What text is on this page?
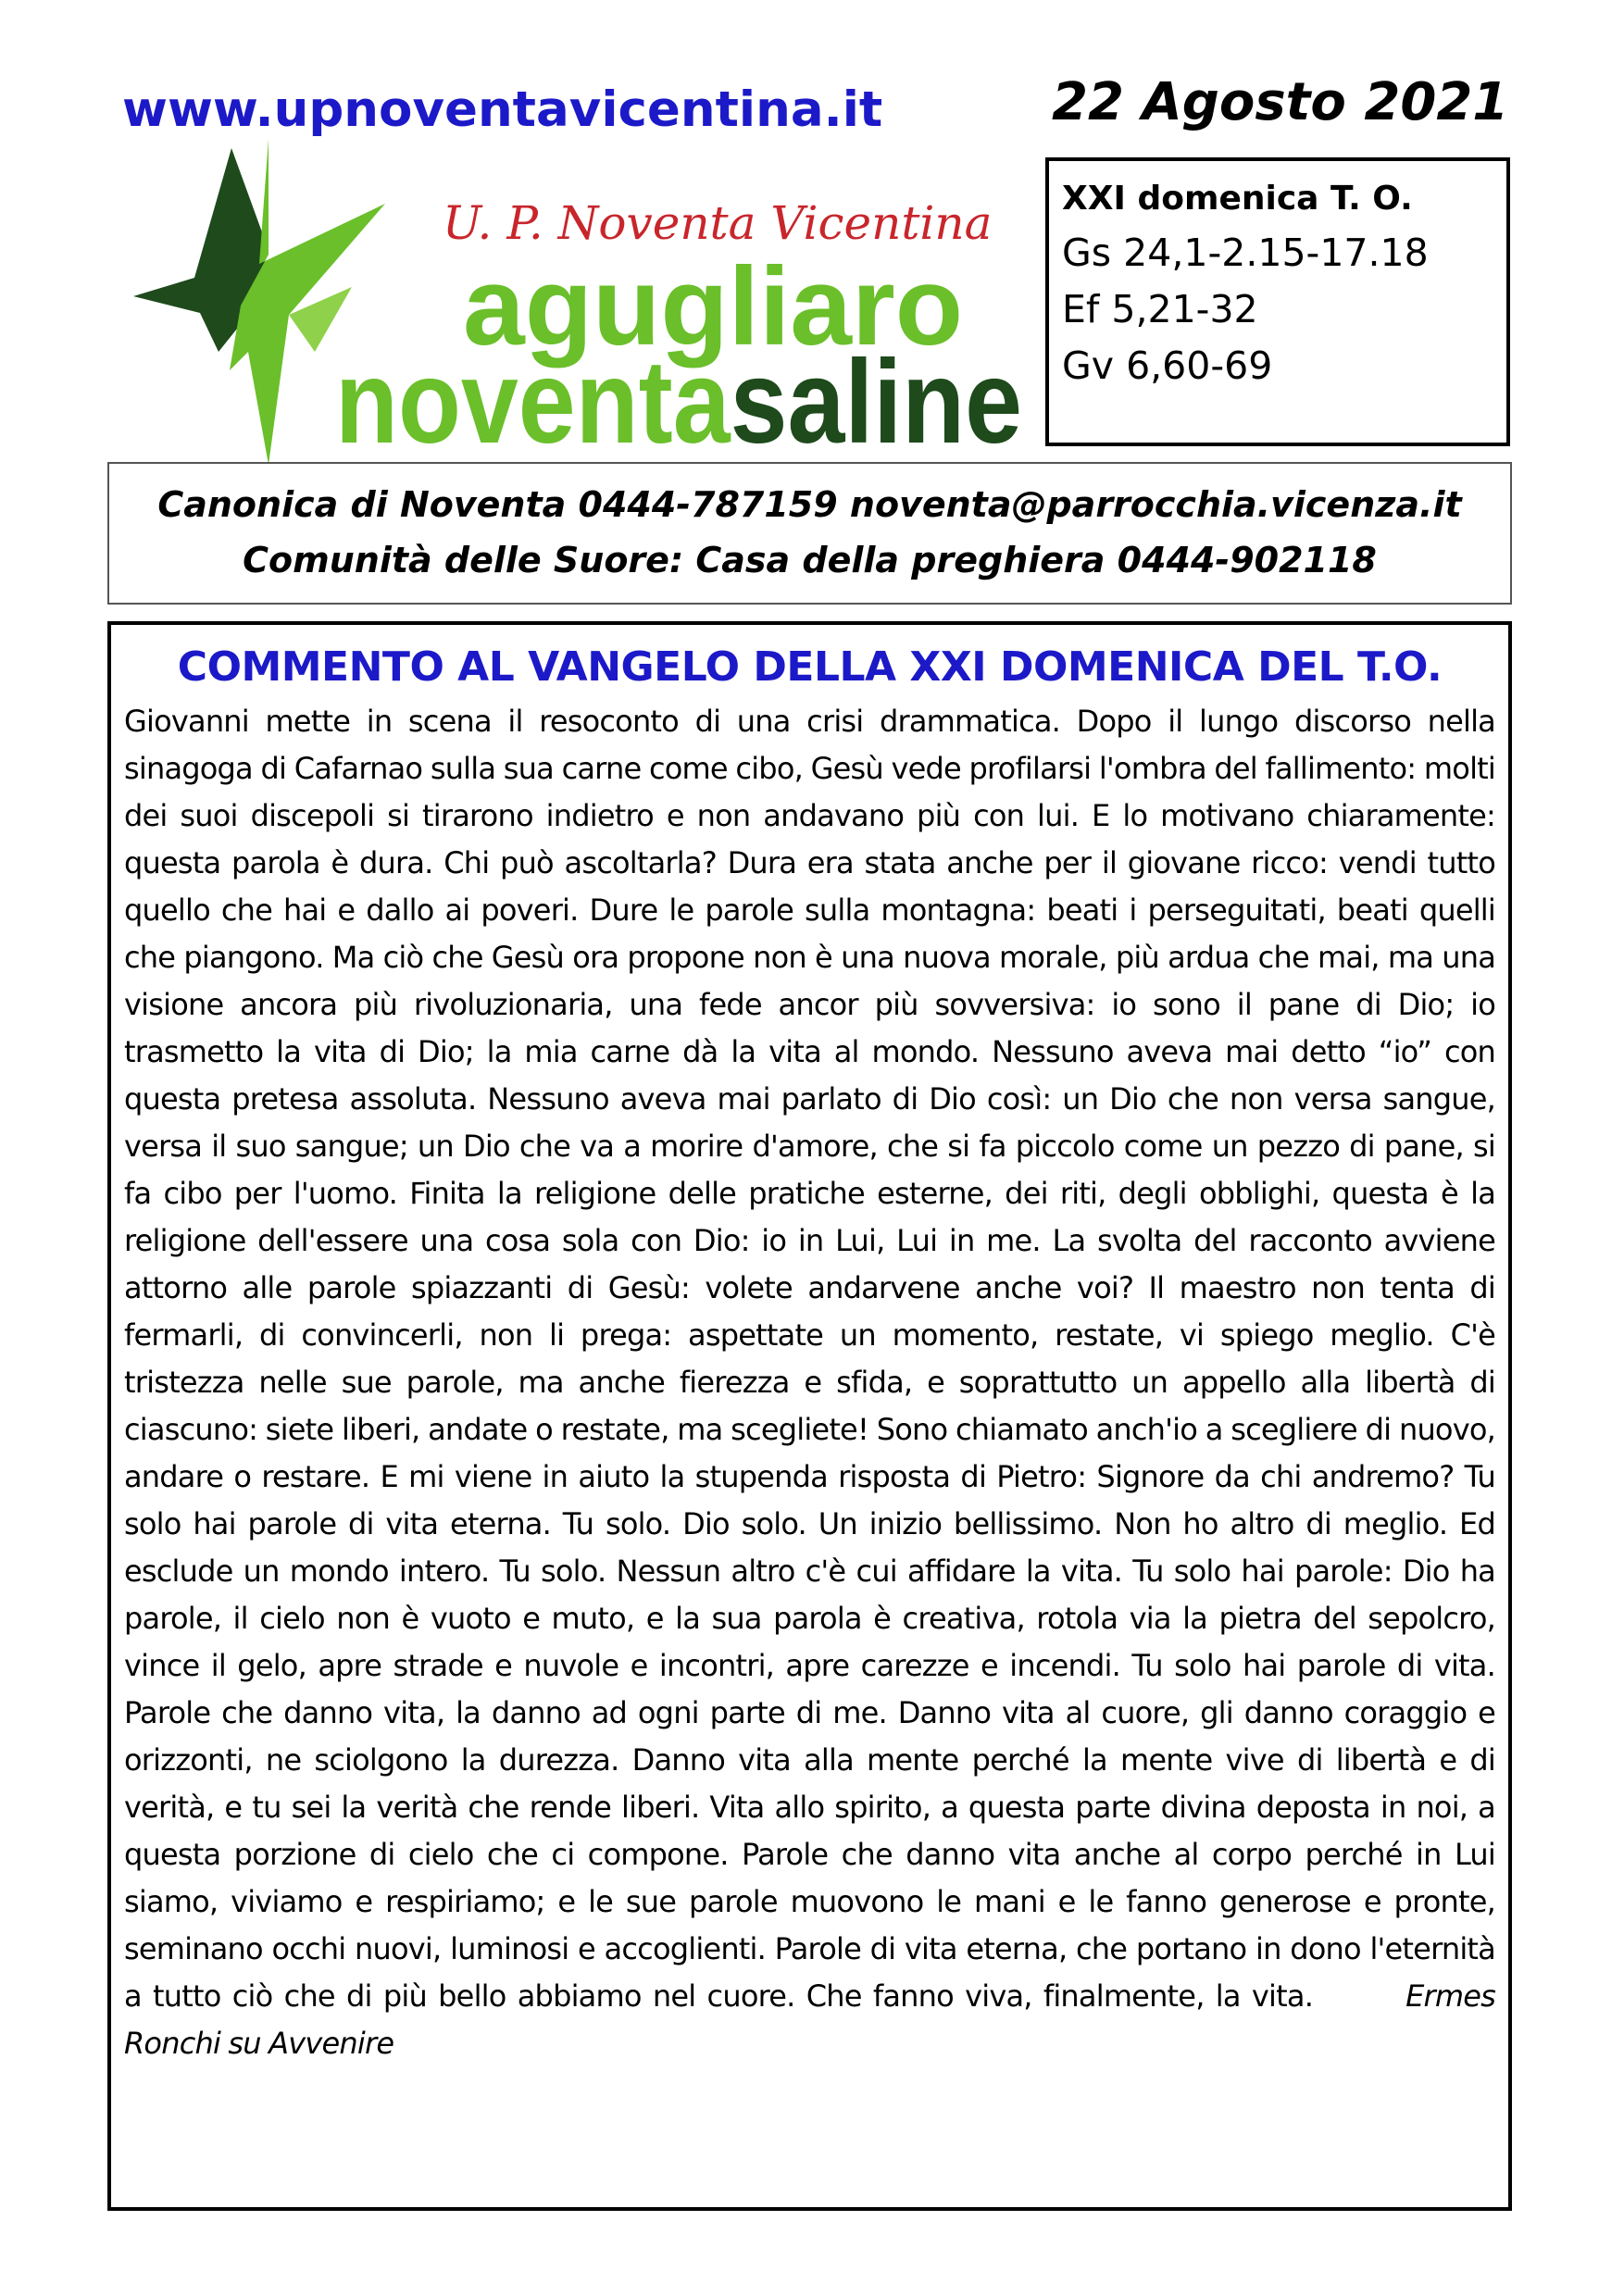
www.upnoventavicentina.it	22 Agosto 2021
U. P. Noventa Vicentina
agugliaro
noventasaline
XXI domenica T. O.
Gs 24,1-2.15-17.18
Ef 5,21-32
Gv 6,60-69
Canonica di Noventa 0444-787159 noventa@parrocchia.vicenza.it
Comunità delle Suore: Casa della preghiera 0444-902118
COMMENTO AL VANGELO DELLA XXI DOMENICA DEL T.O.

Giovanni mette in scena il resoconto di una crisi drammatica. Dopo il lungo discorso nella sinagoga di Cafarnao sulla sua carne come cibo, Gesù vede profilarsi l'ombra del fallimento: molti dei suoi discepoli si tirarono indietro e non andavano più con lui. E lo motivano chiaramente: questa parola è dura. Chi può ascoltarla? Dura era stata anche per il giovane ricco: vendi tutto quello che hai e dallo ai poveri. Dure le parole sulla montagna: beati i perseguitati, beati quelli che piangono. Ma ciò che Gesù ora propone non è una nuova morale, più ardua che mai, ma una visione ancora più rivoluzionaria, una fede ancor più sovversiva: io sono il pane di Dio; io trasmetto la vita di Dio; la mia carne dà la vita al mondo. Nessuno aveva mai detto “io” con questa pretesa assoluta. Nessuno aveva mai parlato di Dio così: un Dio che non versa sangue, versa il suo sangue; un Dio che va a morire d'amore, che si fa piccolo come un pezzo di pane, si fa cibo per l'uomo. Finita la religione delle pratiche esterne, dei riti, degli obblighi, questa è la religione dell'essere una cosa sola con Dio: io in Lui, Lui in me. La svolta del racconto avviene attorno alle parole spiazzanti di Gesù: volete andarvene anche voi? Il maestro non tenta di fermarli, di convincerli, non li prega: aspettate un momento, restate, vi spiego meglio. C'è tristezza nelle sue parole, ma anche fierezza e sfida, e soprattutto un appello alla libertà di ciascuno: siete liberi, andate o restate, ma scegliete! Sono chiamato anch'io a scegliere di nuovo, andare o restare. E mi viene in aiuto la stupenda risposta di Pietro: Signore da chi andremo? Tu solo hai parole di vita eterna. Tu solo. Dio solo. Un inizio bellissimo. Non ho altro di meglio. Ed esclude un mondo intero. Tu solo. Nessun altro c'è cui affidare la vita. Tu solo hai parole: Dio ha parole, il cielo non è vuoto e muto, e la sua parola è creativa, rotola via la pietra del sepolcro, vince il gelo, apre strade e nuvole e incontri, apre carezze e incendi. Tu solo hai parole di vita. Parole che danno vita, la danno ad ogni parte di me. Danno vita al cuore, gli danno coraggio e orizzonti, ne sciolgono la durezza. Danno vita alla mente perché la mente vive di libertà e di verità, e tu sei la verità che rende liberi. Vita allo spirito, a questa parte divina deposta in noi, a questa porzione di cielo che ci compone. Parole che danno vita anche al corpo perché in Lui siamo, viviamo e respiriamo; e le sue parole muovono le mani e le fanno generose e pronte, seminano occhi nuovi, luminosi e accoglienti. Parole di vita eterna, che portano in dono l'eternità a tutto ciò che di più bello abbiamo nel cuore. Che fanno viva, finalmente, la vita.	Ermes Ronchi su Avvenire
